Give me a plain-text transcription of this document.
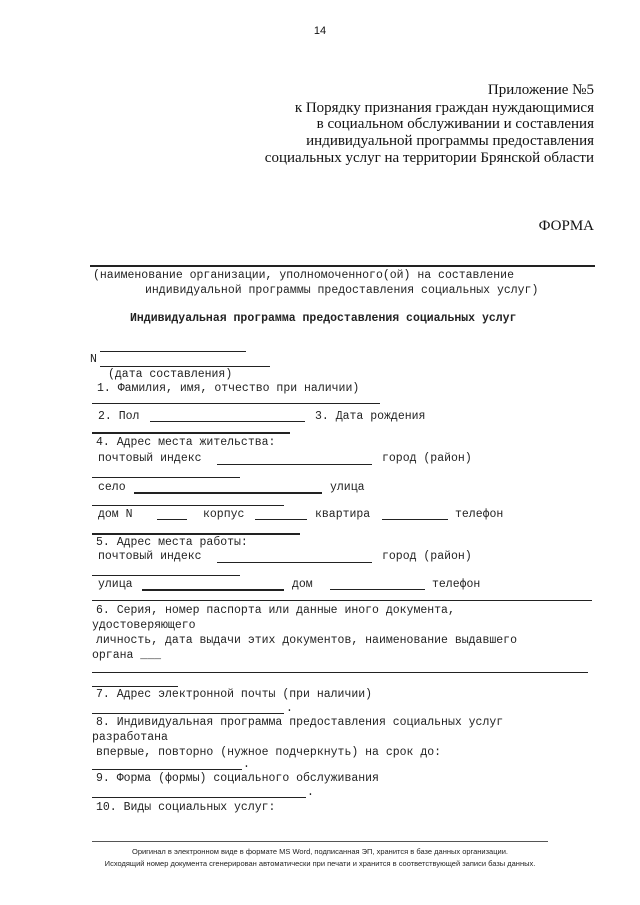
14
Приложение №5
к Порядку признания граждан нуждающимися
в социальном обслуживании и составления
индивидуальной программы предоставления
социальных услуг на территории Брянской области
ФОРМА
(наименование организации, уполномоченного(ой) на составление
индивидуальной программы предоставления социальных услуг)
Индивидуальная программа предоставления социальных услуг
N
(дата составления)
1. Фамилия, имя, отчество при наличии)
2. Пол	3. Дата рождения
4. Адрес места жительства:
почтовый индекс	город (район)
село	улица
дом N	корпус	квартира	телефон
5. Адрес места работы:
почтовый индекс	город (район)
улица	дом	телефон
6. Серия, номер паспорта или данные иного документа,
удостоверяющего
личность, дата выдачи этих документов, наименование выдавшего
органа ___
7. Адрес электронной почты (при наличии)
.
8. Индивидуальная программа предоставления социальных услуг
разработана
впервые, повторно (нужное подчеркнуть) на срок до:
.
9. Форма (формы) социального обслуживания
.
10. Виды социальных услуг:
Оригинал в электронном виде в формате MS Word, подписанная ЭП, хранится в базе данных организации.
Исходящий номер документа сгенерирован автоматически при печати и хранится в соответствующей записи базы данных.
